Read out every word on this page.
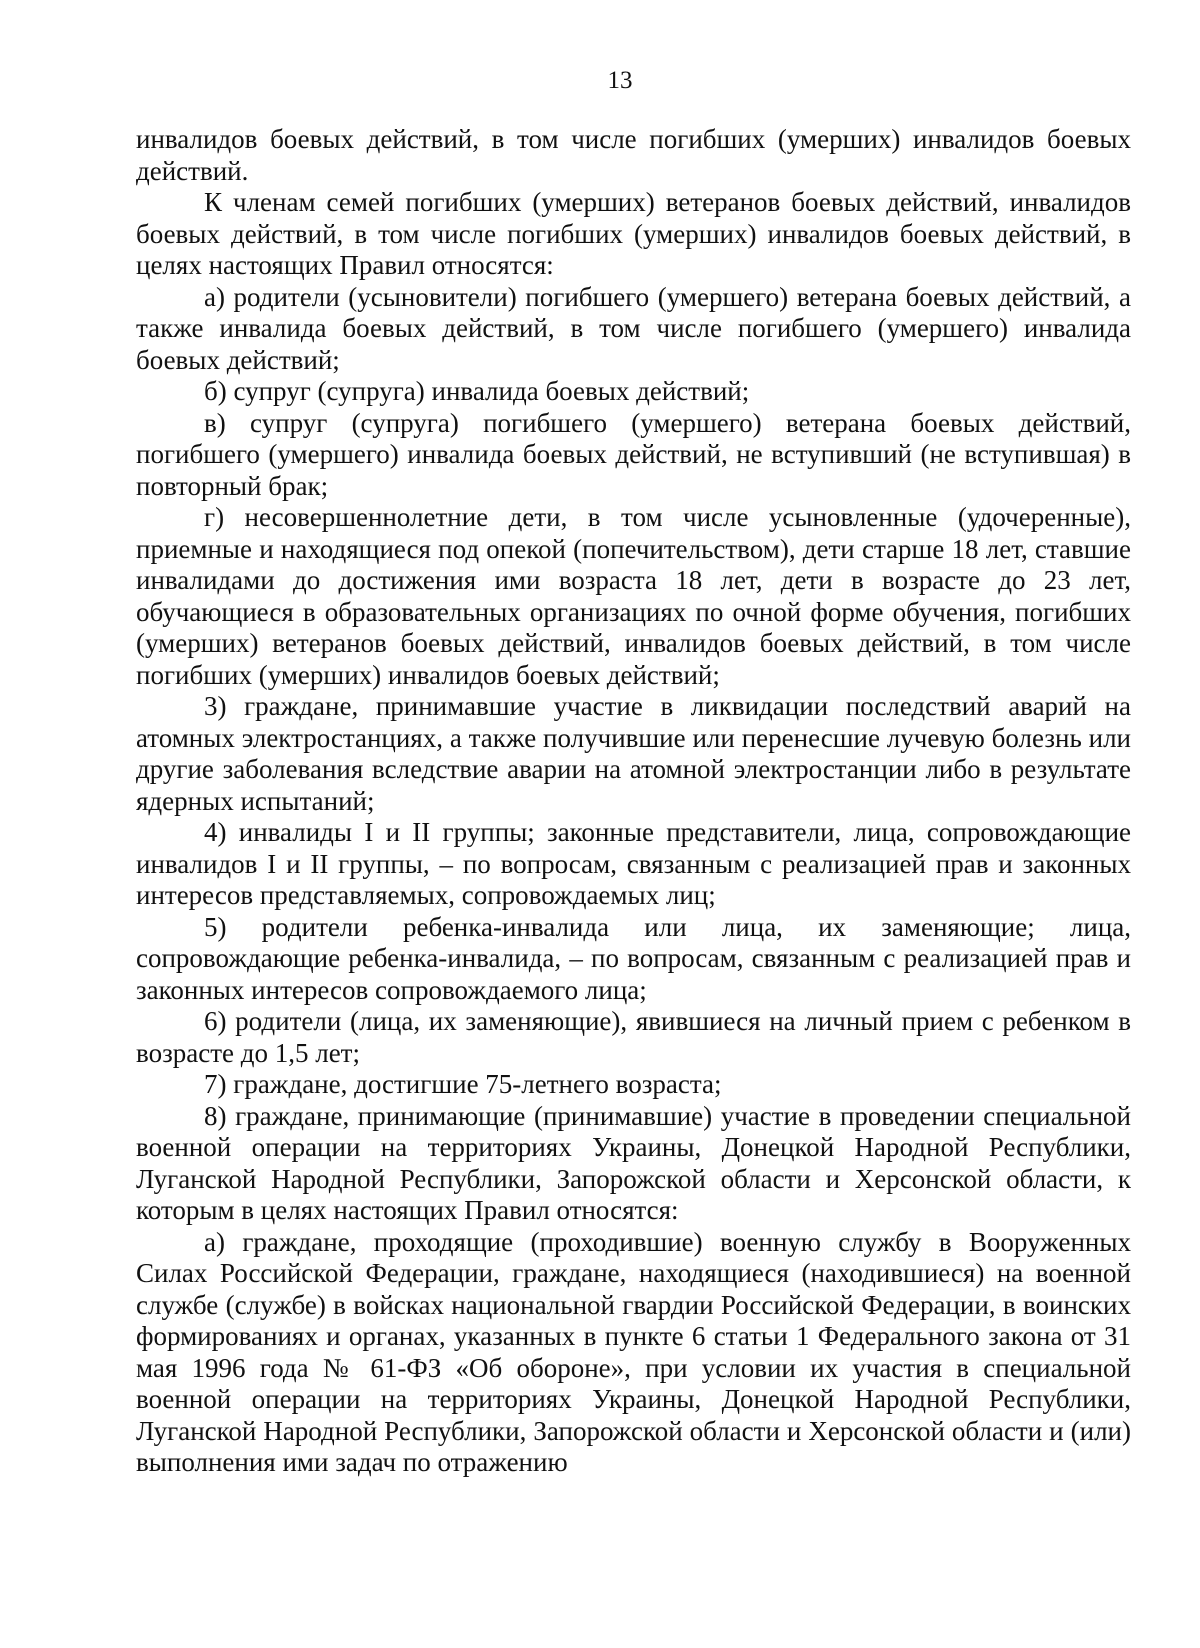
13

инвалидов боевых действий, в том числе погибших (умерших) инвалидов боевых действий.

К членам семей погибших (умерших) ветеранов боевых действий, инвалидов боевых действий, в том числе погибших (умерших) инвалидов боевых действий, в целях настоящих Правил относятся:

а) родители (усыновители) погибшего (умершего) ветерана боевых действий, а также инвалида боевых действий, в том числе погибшего (умершего) инвалида боевых действий;

б) супруг (супруга) инвалида боевых действий;

в) супруг (супруга) погибшего (умершего) ветерана боевых действий, погибшего (умершего) инвалида боевых действий, не вступивший (не вступившая) в повторный брак;

г) несовершеннолетние дети, в том числе усыновленные (удочеренные), приемные и находящиеся под опекой (попечительством), дети старше 18 лет, ставшие инвалидами до достижения ими возраста 18 лет, дети в возрасте до 23 лет, обучающиеся в образовательных организациях по очной форме обучения, погибших (умерших) ветеранов боевых действий, инвалидов боевых действий, в том числе погибших (умерших) инвалидов боевых действий;

3) граждане, принимавшие участие в ликвидации последствий аварий на атомных электростанциях, а также получившие или перенесшие лучевую болезнь или другие заболевания вследствие аварии на атомной электростанции либо в результате ядерных испытаний;

4) инвалиды I и II группы; законные представители, лица, сопровождающие инвалидов I и II группы, – по вопросам, связанным с реализацией прав и законных интересов представляемых, сопровождаемых лиц;

5) родители ребенка-инвалида или лица, их заменяющие; лица, сопровождающие ребенка-инвалида, – по вопросам, связанным с реализацией прав и законных интересов сопровождаемого лица;

6) родители (лица, их заменяющие), явившиеся на личный прием с ребенком в возрасте до 1,5 лет;

7) граждане, достигшие 75-летнего возраста;

8) граждане, принимающие (принимавшие) участие в проведении специальной военной операции на территориях Украины, Донецкой Народной Республики, Луганской Народной Республики, Запорожской области и Херсонской области, к которым в целях настоящих Правил относятся:

а) граждане, проходящие (проходившие) военную службу в Вооруженных Силах Российской Федерации, граждане, находящиеся (находившиеся) на военной службе (службе) в войсках национальной гвардии Российской Федерации, в воинских формированиях и органах, указанных в пункте 6 статьи 1 Федерального закона от 31 мая 1996 года № 61-ФЗ «Об обороне», при условии их участия в специальной военной операции на территориях Украины, Донецкой Народной Республики, Луганской Народной Республики, Запорожской области и Херсонской области и (или) выполнения ими задач по отражению
